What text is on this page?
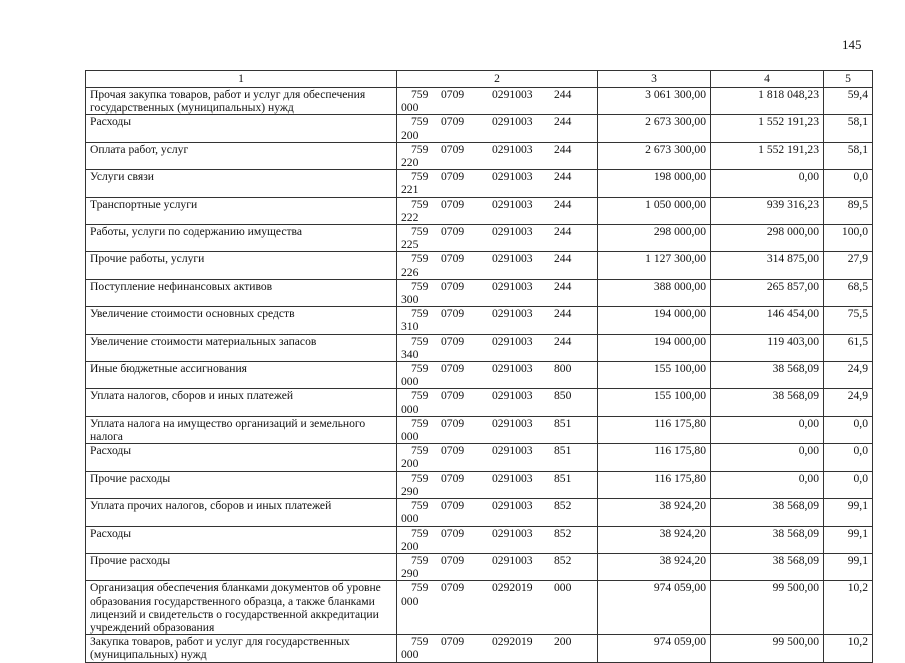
145
1	2	3	4	5
Прочая закупка товаров, работ и услуг для обеспечения государственных (муниципальных) нужд	759 0709 0291003 244000	3 061 300,00	1 818 048,23	59,4
Расходы	759 0709 0291003 244200	2 673 300,00	1 552 191,23	58,1
Оплата работ, услуг	759 0709 0291003 244220	2 673 300,00	1 552 191,23	58,1
Услуги связи	759 0709 0291003 244221	198 000,00	0,00	0,0
Транспортные услуги	759 0709 0291003 244222	1 050 000,00	939 316,23	89,5
Работы, услуги по содержанию имущества	759 0709 0291003 244225	298 000,00	298 000,00	100,0
Прочие работы, услуги	759 0709 0291003 244226	1 127 300,00	314 875,00	27,9
Поступление нефинансовых активов	759 0709 0291003 244300	388 000,00	265 857,00	68,5
Увеличение стоимости основных средств	759 0709 0291003 244310	194 000,00	146 454,00	75,5
Увеличение стоимости материальных запасов	759 0709 0291003 244340	194 000,00	119 403,00	61,5
Иные бюджетные ассигнования	759 0709 0291003 800000	155 100,00	38 568,09	24,9
Уплата налогов, сборов и иных платежей	759 0709 0291003 850000	155 100,00	38 568,09	24,9
Уплата налога на имущество организаций и земельного налога	759 0709 0291003 851000	116 175,80	0,00	0,0
Расходы	759 0709 0291003 851200	116 175,80	0,00	0,0
Прочие расходы	759 0709 0291003 851290	116 175,80	0,00	0,0
Уплата прочих налогов, сборов и иных платежей	759 0709 0291003 852000	38 924,20	38 568,09	99,1
Расходы	759 0709 0291003 852200	38 924,20	38 568,09	99,1
Прочие расходы	759 0709 0291003 852290	38 924,20	38 568,09	99,1
Организация обеспечения бланками документов об уровне образования государственного образца, а также бланками лицензий и свидетельств о государственной аккредитации учреждений образования	759 0709 0292019 000000	974 059,00	99 500,00	10,2
Закупка товаров, работ и услуг для государственных (муниципальных) нужд	759 0709 0292019 200000	974 059,00	99 500,00	10,2
